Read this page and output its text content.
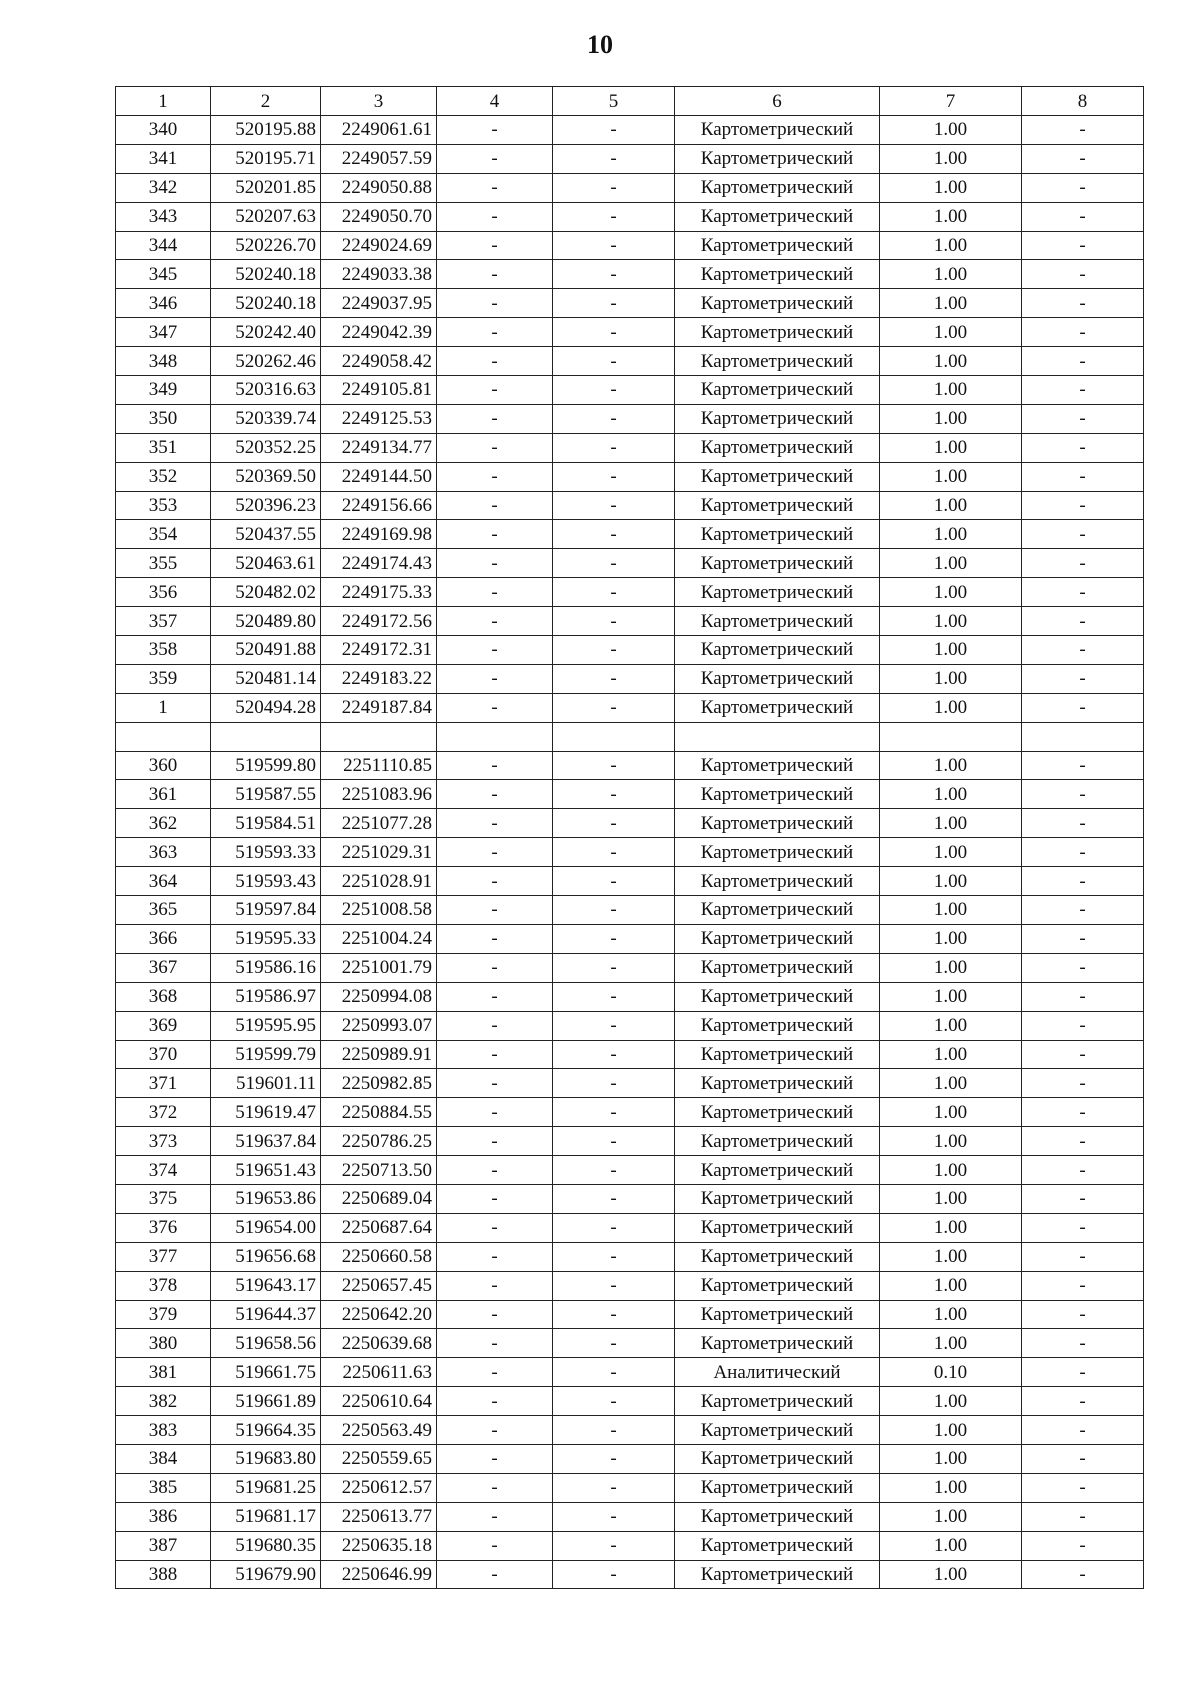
10
1	2	3	4	5	6	7	8
340	520195.88	2249061.61	-	-	Картометрический	1.00	-
341	520195.71	2249057.59	-	-	Картометрический	1.00	-
342	520201.85	2249050.88	-	-	Картометрический	1.00	-
343	520207.63	2249050.70	-	-	Картометрический	1.00	-
344	520226.70	2249024.69	-	-	Картометрический	1.00	-
345	520240.18	2249033.38	-	-	Картометрический	1.00	-
346	520240.18	2249037.95	-	-	Картометрический	1.00	-
347	520242.40	2249042.39	-	-	Картометрический	1.00	-
348	520262.46	2249058.42	-	-	Картометрический	1.00	-
349	520316.63	2249105.81	-	-	Картометрический	1.00	-
350	520339.74	2249125.53	-	-	Картометрический	1.00	-
351	520352.25	2249134.77	-	-	Картометрический	1.00	-
352	520369.50	2249144.50	-	-	Картометрический	1.00	-
353	520396.23	2249156.66	-	-	Картометрический	1.00	-
354	520437.55	2249169.98	-	-	Картометрический	1.00	-
355	520463.61	2249174.43	-	-	Картометрический	1.00	-
356	520482.02	2249175.33	-	-	Картометрический	1.00	-
357	520489.80	2249172.56	-	-	Картометрический	1.00	-
358	520491.88	2249172.31	-	-	Картометрический	1.00	-
359	520481.14	2249183.22	-	-	Картометрический	1.00	-
1	520494.28	2249187.84	-	-	Картометрический	1.00	-

360	519599.80	2251110.85	-	-	Картометрический	1.00	-
361	519587.55	2251083.96	-	-	Картометрический	1.00	-
362	519584.51	2251077.28	-	-	Картометрический	1.00	-
363	519593.33	2251029.31	-	-	Картометрический	1.00	-
364	519593.43	2251028.91	-	-	Картометрический	1.00	-
365	519597.84	2251008.58	-	-	Картометрический	1.00	-
366	519595.33	2251004.24	-	-	Картометрический	1.00	-
367	519586.16	2251001.79	-	-	Картометрический	1.00	-
368	519586.97	2250994.08	-	-	Картометрический	1.00	-
369	519595.95	2250993.07	-	-	Картометрический	1.00	-
370	519599.79	2250989.91	-	-	Картометрический	1.00	-
371	519601.11	2250982.85	-	-	Картометрический	1.00	-
372	519619.47	2250884.55	-	-	Картометрический	1.00	-
373	519637.84	2250786.25	-	-	Картометрический	1.00	-
374	519651.43	2250713.50	-	-	Картометрический	1.00	-
375	519653.86	2250689.04	-	-	Картометрический	1.00	-
376	519654.00	2250687.64	-	-	Картометрический	1.00	-
377	519656.68	2250660.58	-	-	Картометрический	1.00	-
378	519643.17	2250657.45	-	-	Картометрический	1.00	-
379	519644.37	2250642.20	-	-	Картометрический	1.00	-
380	519658.56	2250639.68	-	-	Картометрический	1.00	-
381	519661.75	2250611.63	-	-	Аналитический	0.10	-
382	519661.89	2250610.64	-	-	Картометрический	1.00	-
383	519664.35	2250563.49	-	-	Картометрический	1.00	-
384	519683.80	2250559.65	-	-	Картометрический	1.00	-
385	519681.25	2250612.57	-	-	Картометрический	1.00	-
386	519681.17	2250613.77	-	-	Картометрический	1.00	-
387	519680.35	2250635.18	-	-	Картометрический	1.00	-
388	519679.90	2250646.99	-	-	Картометрический	1.00	-
